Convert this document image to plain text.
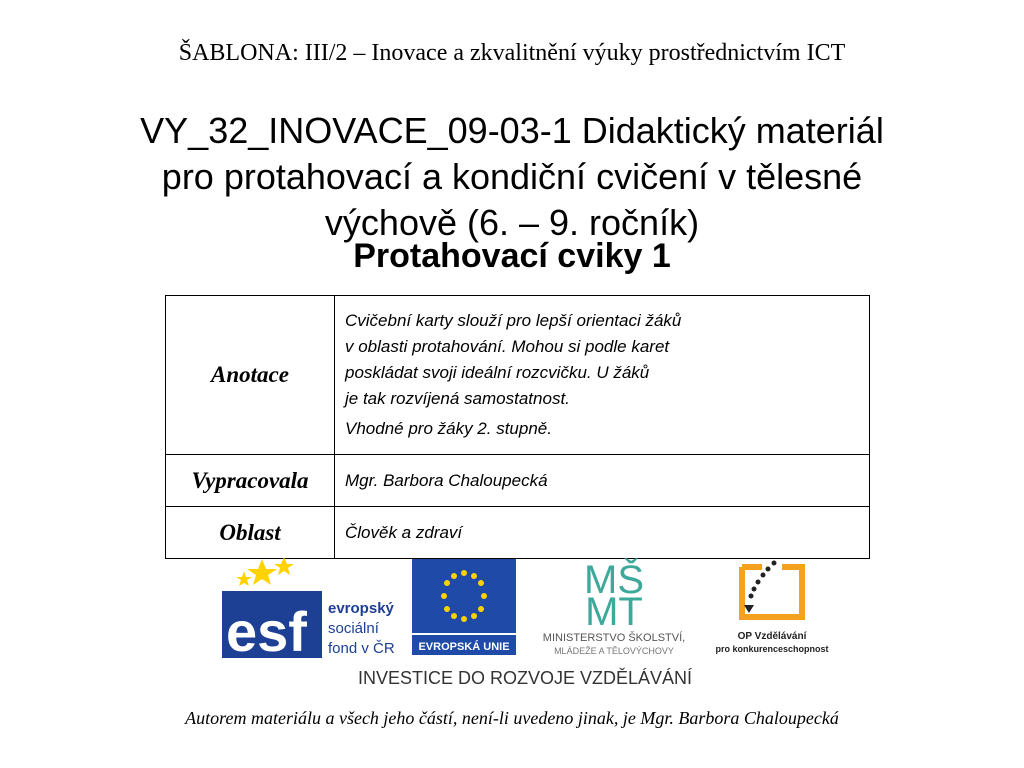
ŠABLONA: III/2 – Inovace a zkvalitnění výuky prostřednictvím ICT
VY_32_INOVACE_09-03-1 Didaktický materiál
pro protahovací a kondiční cvičení v tělesné
výchově (6. – 9. ročník)
Protahovací cviky 1
Anotace	Cvičební karty slouží pro lepší orientaci žáků

v oblasti protahování. Mohou si podle karet

poskládat svoji ideální rozcvičku. U žáků

je tak rozvíjená samostatnost.

Vhodné pro žáky 2. stupně.

Vypracovala	Mgr. Barbora Chaloupecká
Oblast	Člověk a zdraví
esf evropský
sociální
fond v ČR EVROPSKÁ UNIE
MŠ
MT
MINISTERSTVO ŠKOLSTVÍ,
MLÁDEŽE A TĚLOVÝCHOVY
OP Vzdělávání
pro konkurenceschopnost
INVESTICE DO ROZVOJE VZDĚLÁVÁNÍ
Autorem materiálu a všech jeho částí, není-li uvedeno jinak, je Mgr. Barbora Chaloupecká
